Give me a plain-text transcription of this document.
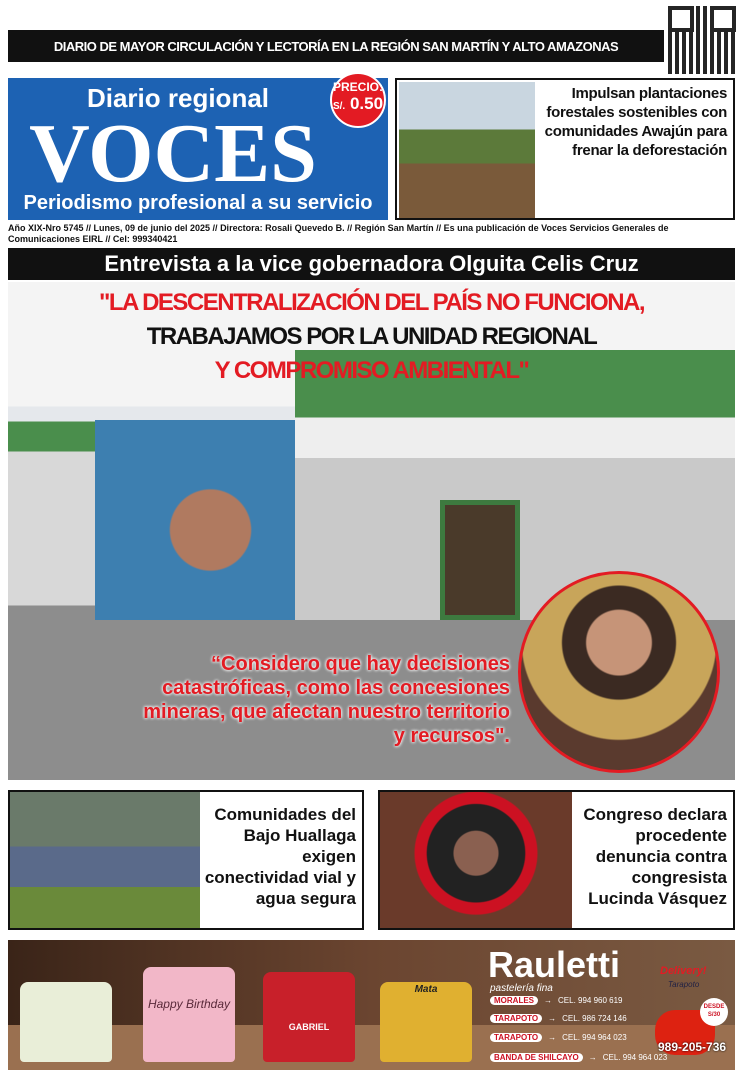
DIARIO DE MAYOR CIRCULACIÓN Y LECTORÍA EN LA REGIÓN SAN MARTÍN Y ALTO AMAZONAS
Diario regional
VOCES
Periodismo profesional a su servicio
PRECIO:
S/. 0.50
Impulsan plantaciones forestales sostenibles con comunidades Awajún para frenar la deforestación
Año XIX-Nro 5745 // Lunes, 09 de junio del 2025 // Directora: Rosali Quevedo B. // Región San Martín // Es una publicación de Voces Servicios Generales de Comunicaciones EIRL // Cel: 999340421
Entrevista a la vice gobernadora Olguita Celis Cruz
"LA DESCENTRALIZACIÓN DEL PAÍS NO FUNCIONA,
TRABAJAMOS POR LA UNIDAD REGIONAL
Y COMPROMISO AMBIENTAL"
“Considero que hay decisiones catastróficas, como las concesiones mineras, que afectan nuestro territorio y recursos".
Comunidades del Bajo Huallaga exigen conectividad vial y agua segura
Congreso declara procedente denuncia contra congresista Lucinda Vásquez
Happy Birthday
GABRIEL
Mata
Rauletti
pastelería fina
MORALES	→ CEL. 994 960 619
TARAPOTO	→ CEL. 986 724 146
TARAPOTO	→ CEL. 994 964 023
BANDA DE SHILCAYO	→ CEL. 994 964 023
Delivery!
Tarapoto
DESDE S/30
989-205-736
